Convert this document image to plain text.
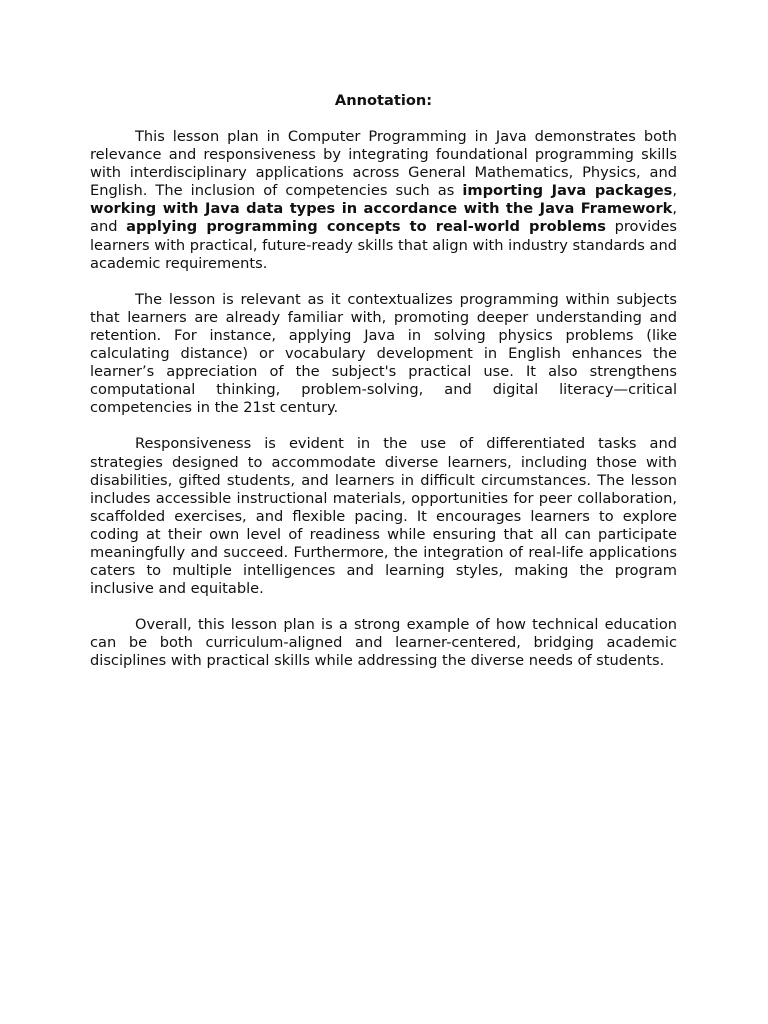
Annotation:

This lesson plan in Computer Programming in Java demonstrates both relevance and responsiveness by integrating foundational programming skills with interdisciplinary applications across General Mathematics, Physics, and English. The inclusion of competencies such as importing Java packages, working with Java data types in accordance with the Java Framework, and applying programming concepts to real-world problems provides learners with practical, future-ready skills that align with industry standards and academic requirements.

The lesson is relevant as it contextualizes programming within subjects that learners are already familiar with, promoting deeper understanding and retention. For instance, applying Java in solving physics problems (like calculating distance) or vocabulary development in English enhances the learner’s appreciation of the subject's practical use. It also strengthens computational thinking, problem-solving, and digital literacy—critical competencies in the 21st century.

Responsiveness is evident in the use of differentiated tasks and strategies designed to accommodate diverse learners, including those with disabilities, gifted students, and learners in difficult circumstances. The lesson includes accessible instructional materials, opportunities for peer collaboration, scaffolded exercises, and flexible pacing. It encourages learners to explore coding at their own level of readiness while ensuring that all can participate meaningfully and succeed. Furthermore, the integration of real-life applications caters to multiple intelligences and learning styles, making the program inclusive and equitable.

Overall, this lesson plan is a strong example of how technical education can be both curriculum-aligned and learner-centered, bridging academic disciplines with practical skills while addressing the diverse needs of students.
